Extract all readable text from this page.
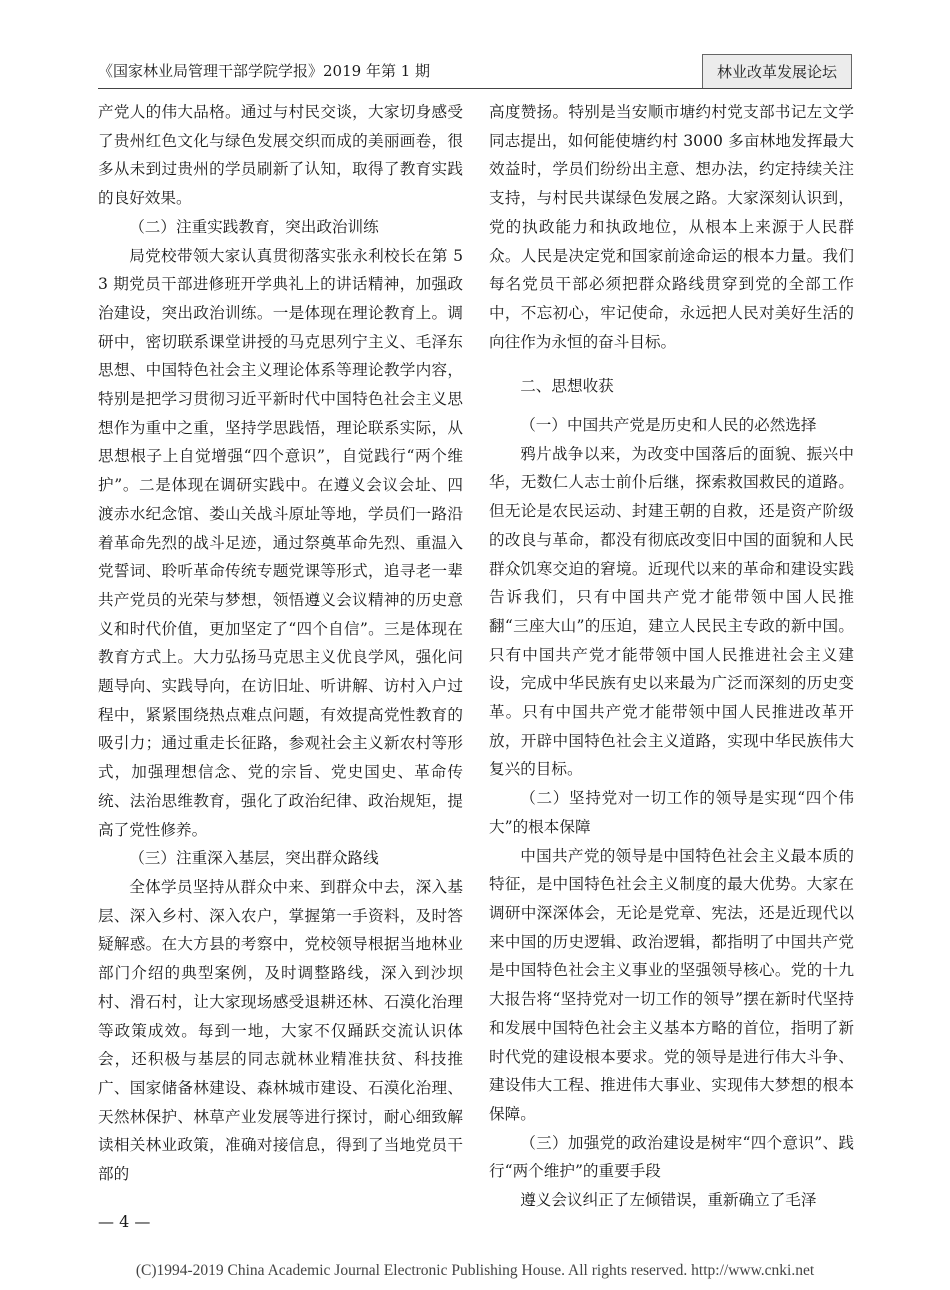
《国家林业局管理干部学院学报》2019 年第 1 期	林业改革发展论坛

产党人的伟大品格。通过与村民交谈，大家切身感受了贵州红色文化与绿色发展交织而成的美丽画卷，很多从未到过贵州的学员刷新了认知，取得了教育实践的良好效果。

（二）注重实践教育，突出政治训练

局党校带领大家认真贯彻落实张永利校长在第 53 期党员干部进修班开学典礼上的讲话精神，加强政治建设，突出政治训练。一是体现在理论教育上。调研中，密切联系课堂讲授的马克思列宁主义、毛泽东思想、中国特色社会主义理论体系等理论教学内容，特别是把学习贯彻习近平新时代中国特色社会主义思想作为重中之重，坚持学思践悟，理论联系实际，从思想根子上自觉增强“四个意识”，自觉践行“两个维护”。二是体现在调研实践中。在遵义会议会址、四渡赤水纪念馆、娄山关战斗原址等地，学员们一路沿着革命先烈的战斗足迹，通过祭奠革命先烈、重温入党誓词、聆听革命传统专题党课等形式，追寻老一辈共产党员的光荣与梦想，领悟遵义会议精神的历史意义和时代价值，更加坚定了“四个自信”。三是体现在教育方式上。大力弘扬马克思主义优良学风，强化问题导向、实践导向，在访旧址、听讲解、访村入户过程中，紧紧围绕热点难点问题，有效提高党性教育的吸引力；通过重走长征路，参观社会主义新农村等形式，加强理想信念、党的宗旨、党史国史、革命传统、法治思维教育，强化了政治纪律、政治规矩，提高了党性修养。

（三）注重深入基层，突出群众路线

全体学员坚持从群众中来、到群众中去，深入基层、深入乡村、深入农户，掌握第一手资料，及时答疑解惑。在大方县的考察中，党校领导根据当地林业部门介绍的典型案例，及时调整路线，深入到沙坝村、滑石村，让大家现场感受退耕还林、石漠化治理等政策成效。每到一地，大家不仅踊跃交流认识体会，还积极与基层的同志就林业精准扶贫、科技推广、国家储备林建设、森林城市建设、石漠化治理、天然林保护、林草产业发展等进行探讨，耐心细致解读相关林业政策，准确对接信息，得到了当地党员干部的

高度赞扬。特别是当安顺市塘约村党支部书记左文学同志提出，如何能使塘约村 3000 多亩林地发挥最大效益时，学员们纷纷出主意、想办法，约定持续关注支持，与村民共谋绿色发展之路。大家深刻认识到，党的执政能力和执政地位，从根本上来源于人民群众。人民是决定党和国家前途命运的根本力量。我们每名党员干部必须把群众路线贯穿到党的全部工作中，不忘初心，牢记使命，永远把人民对美好生活的向往作为永恒的奋斗目标。

二、思想收获

（一）中国共产党是历史和人民的必然选择

鸦片战争以来，为改变中国落后的面貌、振兴中华，无数仁人志士前仆后继，探索救国救民的道路。但无论是农民运动、封建王朝的自救，还是资产阶级的改良与革命，都没有彻底改变旧中国的面貌和人民群众饥寒交迫的窘境。近现代以来的革命和建设实践告诉我们，只有中国共产党才能带领中国人民推翻“三座大山”的压迫，建立人民民主专政的新中国。只有中国共产党才能带领中国人民推进社会主义建设，完成中华民族有史以来最为广泛而深刻的历史变革。只有中国共产党才能带领中国人民推进改革开放，开辟中国特色社会主义道路，实现中华民族伟大复兴的目标。

（二）坚持党对一切工作的领导是实现“四个伟大”的根本保障

中国共产党的领导是中国特色社会主义最本质的特征，是中国特色社会主义制度的最大优势。大家在调研中深深体会，无论是党章、宪法，还是近现代以来中国的历史逻辑、政治逻辑，都指明了中国共产党是中国特色社会主义事业的坚强领导核心。党的十九大报告将“坚持党对一切工作的领导”摆在新时代坚持和发展中国特色社会主义基本方略的首位，指明了新时代党的建设根本要求。党的领导是进行伟大斗争、建设伟大工程、推进伟大事业、实现伟大梦想的根本保障。

（三）加强党的政治建设是树牢“四个意识”、践行“两个维护”的重要手段

遵义会议纠正了左倾错误，重新确立了毛泽

— 4 —
(C)1994-2019 China Academic Journal Electronic Publishing House. All rights reserved. http://www.cnki.net
